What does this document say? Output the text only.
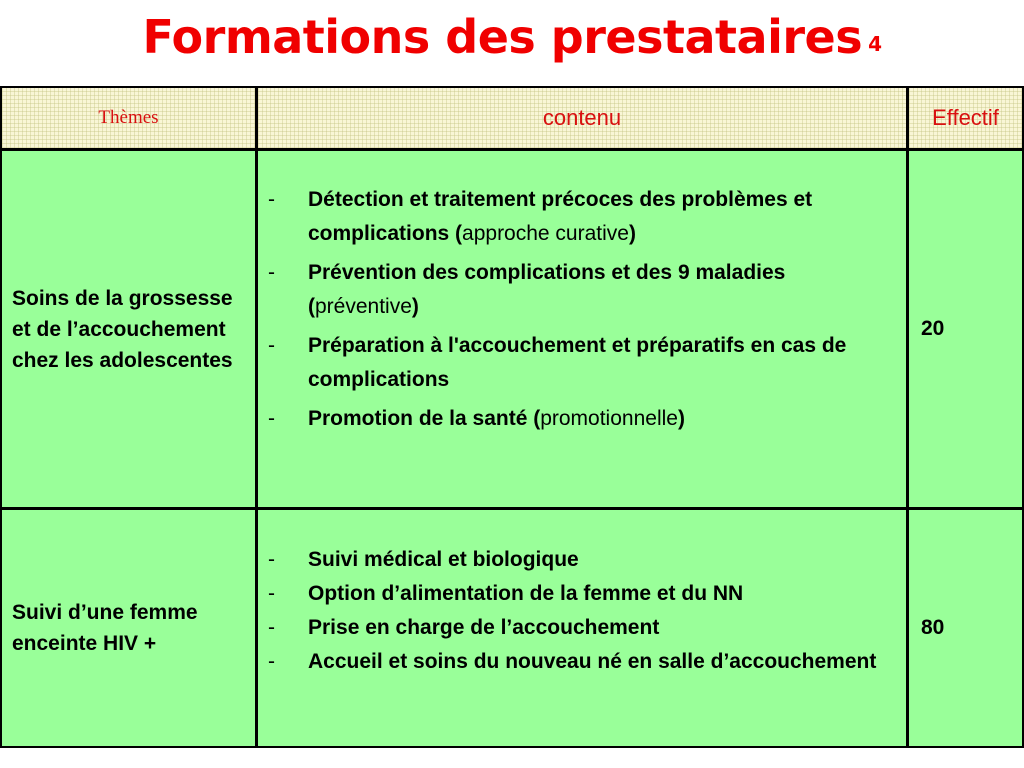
Formations des prestataires 4
Thèmes	contenu	Effectif
Soins de la grossesse et de l’accouchement chez les adolescentes
- Détection et traitement précoces des problèmes et complications (approche curative)
- Prévention des complications et des 9 maladies (préventive)
- Préparation à l'accouchement et préparatifs en cas de complications
- Promotion de la santé (promotionnelle)
20
Suivi d’une femme enceinte HIV +
- Suivi médical et biologique
- Option d’alimentation de la femme et du NN
- Prise en charge de l’accouchement
- Accueil et soins du nouveau né en salle d’accouchement
80
